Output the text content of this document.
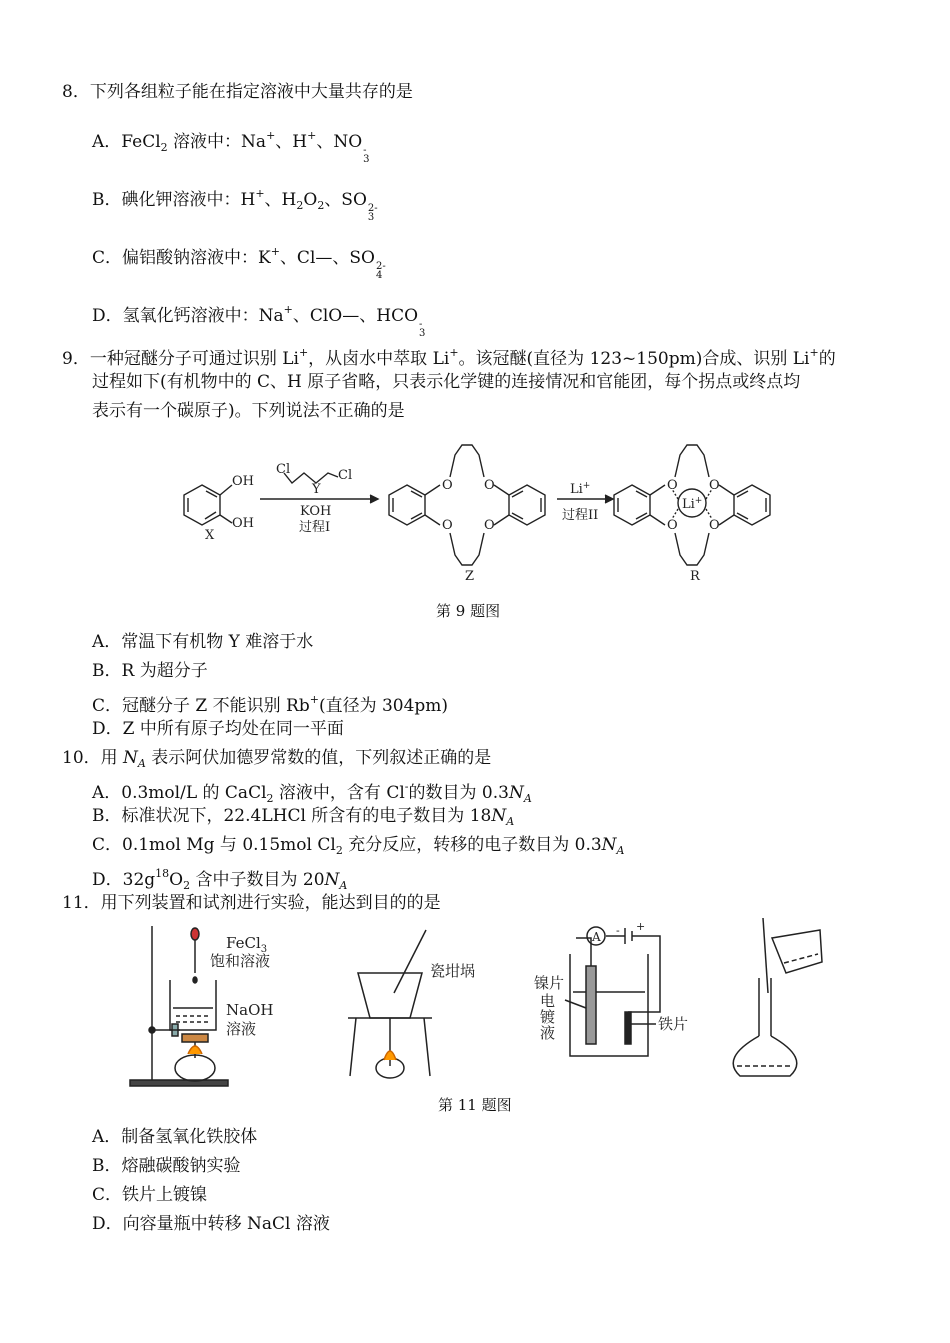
8．下列各组粒子能在指定溶液中大量共存的是
A．FeCl$_2$ 溶液中：Na+、H+、NO -
3
B．碘化钾溶液中：H+、$H_2O_2$、SO 2-
3
C．偏铝酸钠溶液中：K+、Cl—、SO 2-
4
D．氢氧化钙溶液中：Na+、ClO—、HCO -
3
9．一种冠醚分子可通过识别 Li+，从卤水中萃取 Li+。该冠醚(直径为 123~150pm)合成、识别 Li+的
过程如下(有机物中的 C、H 原子省略，只表示化学键的连接情况和官能团，每个拐点或终点均
表示有一个碳原子)。下列说法不正确的是
OH
OH
X
Cl	Cl
Y
KOH
过程I
O O
O O
Z
Li+
过程II
O O
O O
Li+
R
第 9 题图
A．常温下有机物 Y 难溶于水
B．R 为超分子
C．冠醚分子 Z 不能识别 Rb+(直径为 304pm)
D．Z 中所有原子均处在同一平面
10．用 $N_A$ 表示阿伏加德罗常数的值，下列叙述正确的是
A．0.3mol/L 的 CaCl$_2$ 溶液中，含有 Cl-的数目为 $0.3N_A$
B．标准状况下，22.4LHCl 所含有的电子数目为 $18N_A$
C．0.1mol Mg 与 0.15mol $Cl_2$ 充分反应，转移的电子数目为 $0.3N_A$
D．$32g^{18}O_2$ 含中子数目为 $20N_A$
11．用下列装置和试剂进行实验，能达到目的的是
FeCl$_3$
饱和溶液
NaOH
溶液
瓷坩埚
A - +
镍片
电
镀
液	铁片
第 11 题图
A．制备氢氧化铁胶体
B．熔融碳酸钠实验
C．铁片上镀镍
D．向容量瓶中转移 NaCl 溶液
